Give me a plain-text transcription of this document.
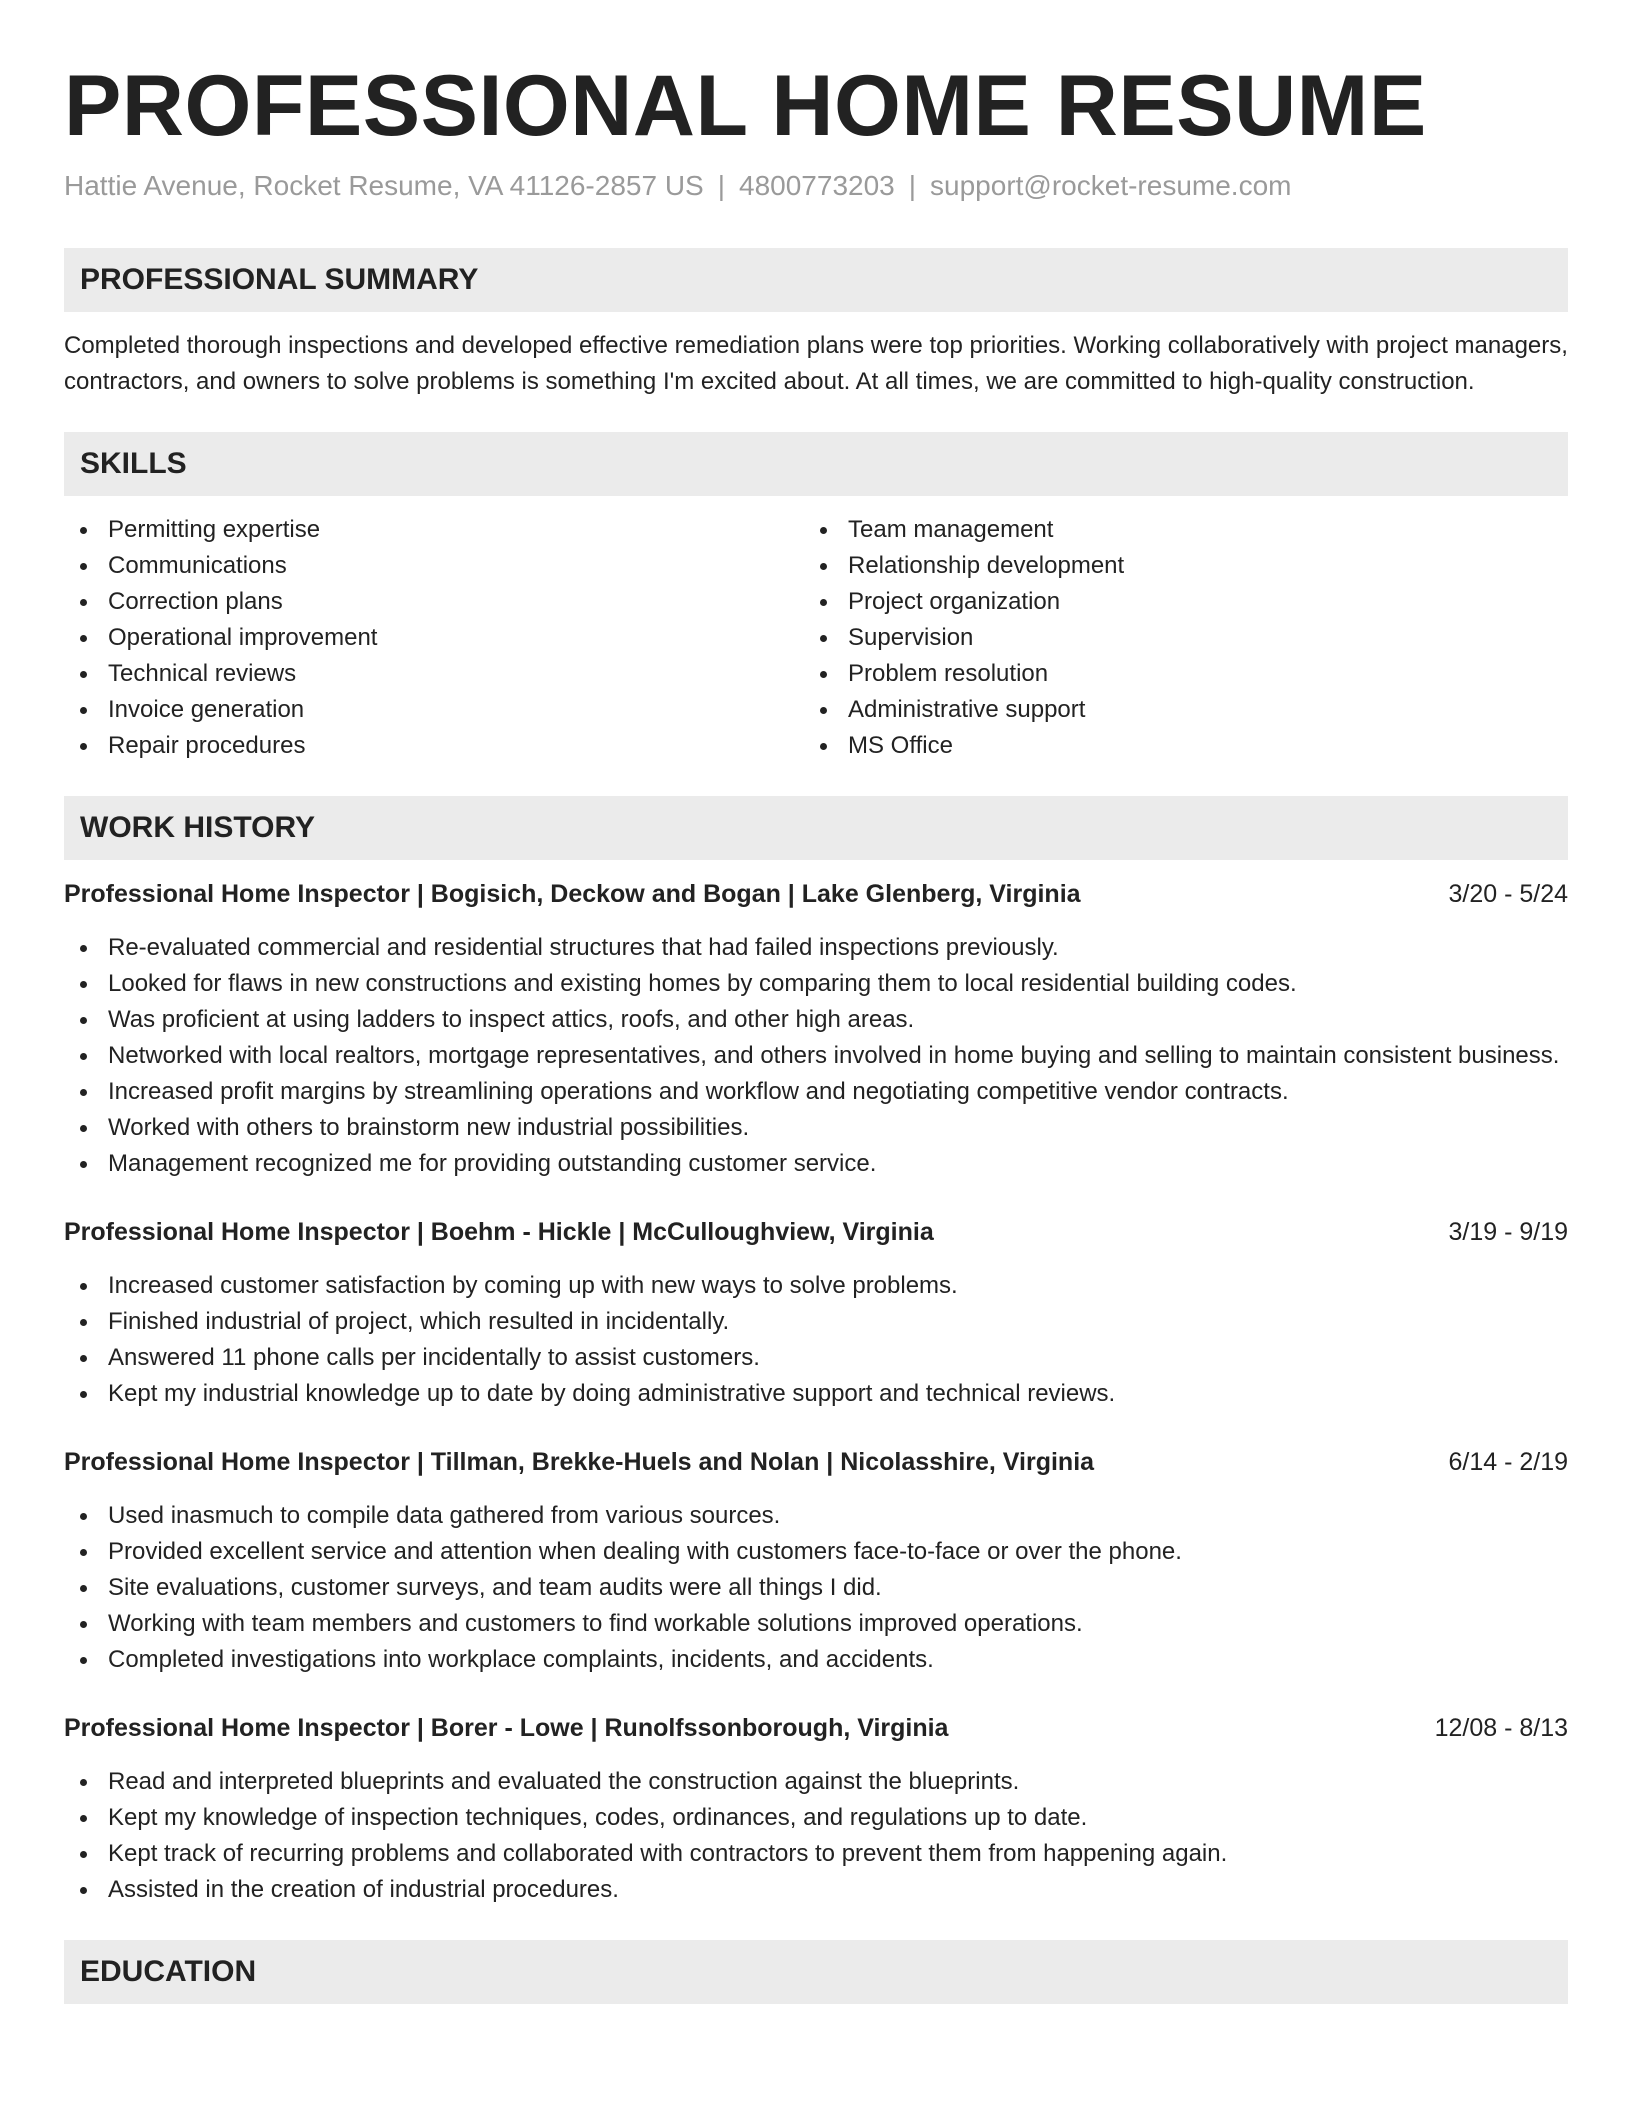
PROFESSIONAL HOME RESUME
Hattie Avenue, Rocket Resume, VA 41126-2857 US | 4800773203 | support@rocket-resume.com
PROFESSIONAL SUMMARY
Completed thorough inspections and developed effective remediation plans were top priorities. Working collaboratively with project managers, contractors, and owners to solve problems is something I'm excited about. At all times, we are committed to high-quality construction.
SKILLS
Permitting expertise
Communications
Correction plans
Operational improvement
Technical reviews
Invoice generation
Repair procedures
Team management
Relationship development
Project organization
Supervision
Problem resolution
Administrative support
MS Office
WORK HISTORY
Professional Home Inspector | Bogisich, Deckow and Bogan | Lake Glenberg, Virginia	3/20 - 5/24
Re-evaluated commercial and residential structures that had failed inspections previously.
Looked for flaws in new constructions and existing homes by comparing them to local residential building codes.
Was proficient at using ladders to inspect attics, roofs, and other high areas.
Networked with local realtors, mortgage representatives, and others involved in home buying and selling to maintain consistent business.
Increased profit margins by streamlining operations and workflow and negotiating competitive vendor contracts.
Worked with others to brainstorm new industrial possibilities.
Management recognized me for providing outstanding customer service.
Professional Home Inspector | Boehm - Hickle | McCulloughview, Virginia	3/19 - 9/19
Increased customer satisfaction by coming up with new ways to solve problems.
Finished industrial of project, which resulted in incidentally.
Answered 11 phone calls per incidentally to assist customers.
Kept my industrial knowledge up to date by doing administrative support and technical reviews.
Professional Home Inspector | Tillman, Brekke-Huels and Nolan | Nicolasshire, Virginia	6/14 - 2/19
Used inasmuch to compile data gathered from various sources.
Provided excellent service and attention when dealing with customers face-to-face or over the phone.
Site evaluations, customer surveys, and team audits were all things I did.
Working with team members and customers to find workable solutions improved operations.
Completed investigations into workplace complaints, incidents, and accidents.
Professional Home Inspector | Borer - Lowe | Runolfssonborough, Virginia	12/08 - 8/13
Read and interpreted blueprints and evaluated the construction against the blueprints.
Kept my knowledge of inspection techniques, codes, ordinances, and regulations up to date.
Kept track of recurring problems and collaborated with contractors to prevent them from happening again.
Assisted in the creation of industrial procedures.
EDUCATION
